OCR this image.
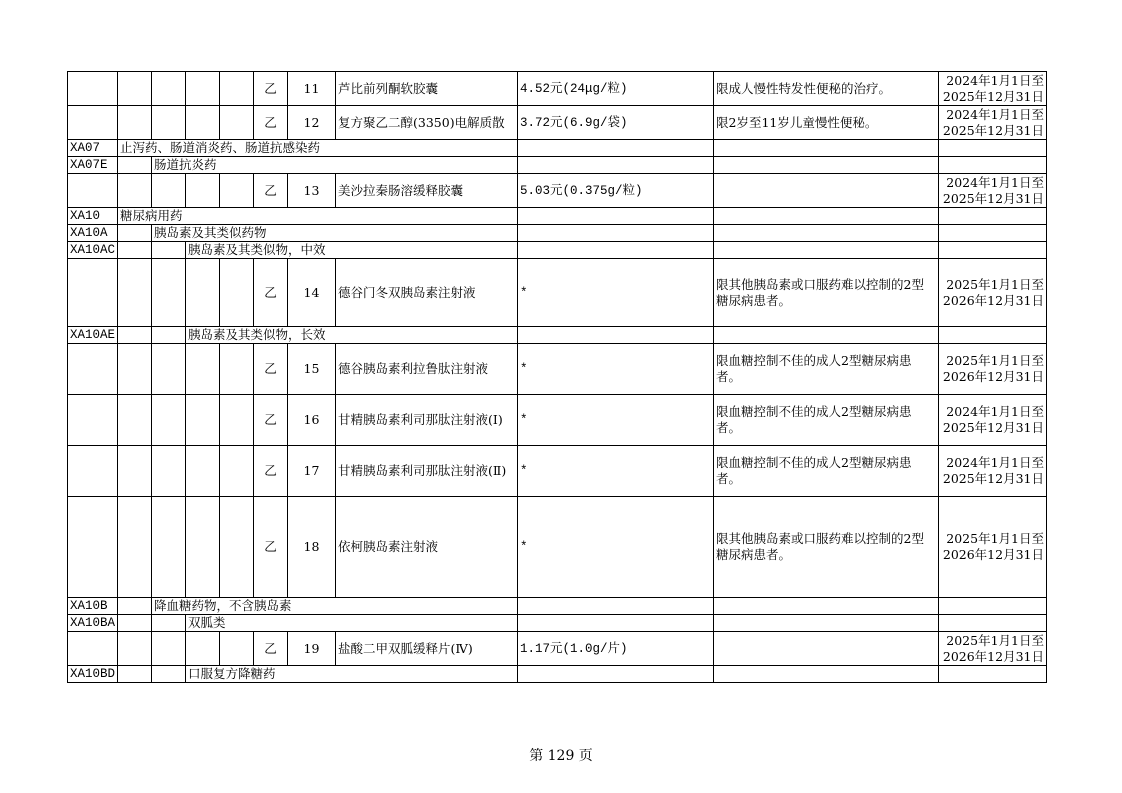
					乙	11	芦比前列酮软胶囊	4.52元(24μg/粒)	限成人慢性特发性便秘的治疗。	2024年1月1日至
2025年12月31日

					乙	12	复方聚乙二醇(3350)电解质散	3.72元(6.9g/袋)	限2岁至11岁儿童慢性便秘。	2024年1月1日至
2025年12月31日

XA07	止泻药、肠道消炎药、肠道抗感染药									
XA07E		肠道抗炎药								
					乙	13	美沙拉秦肠溶缓释胶囊	5.03元(0.375g/粒)		2024年1月1日至
2025年12月31日

XA10	糖尿病用药									
XA10A		胰岛素及其类似药物								
XA10AC			胰岛素及其类似物，中效							
					乙	14	德谷门冬双胰岛素注射液	*	限其他胰岛素或口服药难以控制的2型糖尿病患者。	2025年1月1日至
2026年12月31日

XA10AE			胰岛素及其类似物，长效							
					乙	15	德谷胰岛素利拉鲁肽注射液	*	限血糖控制不佳的成人2型糖尿病患者。	2025年1月1日至
2026年12月31日

					乙	16	甘精胰岛素利司那肽注射液(Ⅰ)	*	限血糖控制不佳的成人2型糖尿病患者。	2024年1月1日至
2025年12月31日

					乙	17	甘精胰岛素利司那肽注射液(Ⅱ)	*	限血糖控制不佳的成人2型糖尿病患者。	2024年1月1日至
2025年12月31日

					乙	18	依柯胰岛素注射液	*	限其他胰岛素或口服药难以控制的2型糖尿病患者。	2025年1月1日至
2026年12月31日

XA10B		降血糖药物，不含胰岛素								
XA10BA			双胍类							
					乙	19	盐酸二甲双胍缓释片(Ⅳ)	1.17元(1.0g/片)		2025年1月1日至
2026年12月31日

XA10BD			口服复方降糖药							
第 129 页
